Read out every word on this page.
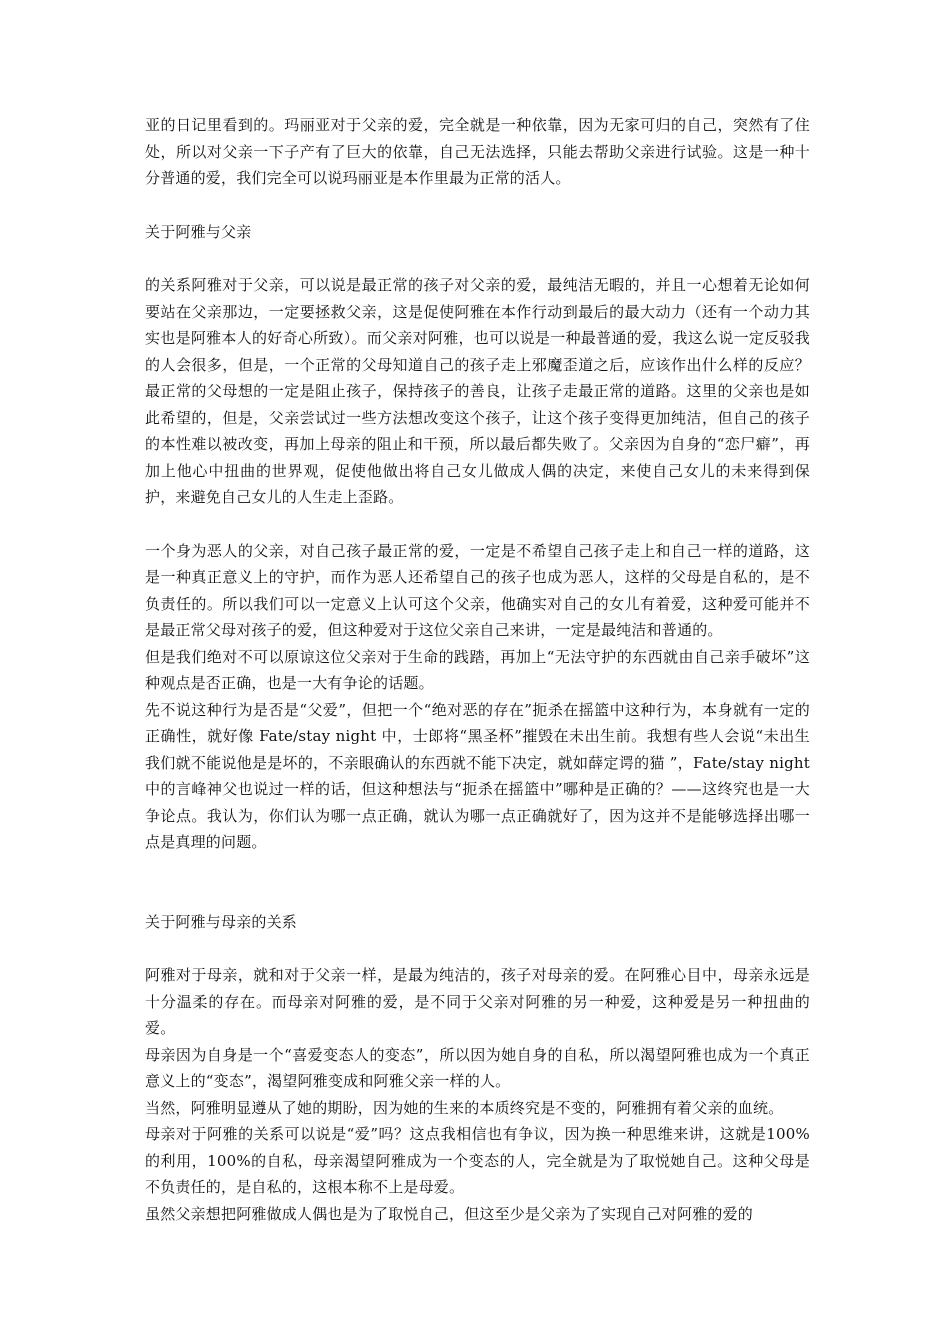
亚的日记里看到的。玛丽亚对于父亲的爱，完全就是一种依靠，因为无家可归的自己，突然有了住处，所以对父亲一下子产有了巨大的依靠，自己无法选择，只能去帮助父亲进行试验。这是一种十分普通的爱，我们完全可以说玛丽亚是本作里最为正常的活人。

关于阿雅与父亲

的关系阿雅对于父亲，可以说是最正常的孩子对父亲的爱，最纯洁无暇的，并且一心想着无论如何要站在父亲那边，一定要拯救父亲，这是促使阿雅在本作行动到最后的最大动力（还有一个动力其实也是阿雅本人的好奇心所致）。而父亲对阿雅，也可以说是一种最普通的爱，我这么说一定反驳我的人会很多，但是，一个正常的父母知道自己的孩子走上邪魔歪道之后，应该作出什么样的反应？最正常的父母想的一定是阻止孩子，保持孩子的善良，让孩子走最正常的道路。这里的父亲也是如此希望的，但是，父亲尝试过一些方法想改变这个孩子，让这个孩子变得更加纯洁，但自己的孩子的本性难以被改变，再加上母亲的阻止和干预，所以最后都失败了。父亲因为自身的“恋尸癖”，再加上他心中扭曲的世界观，促使他做出将自己女儿做成人偶的决定，来使自己女儿的未来得到保护，来避免自己女儿的人生走上歪路。

一个身为恶人的父亲，对自己孩子最正常的爱，一定是不希望自己孩子走上和自己一样的道路，这是一种真正意义上的守护，而作为恶人还希望自己的孩子也成为恶人，这样的父母是自私的，是不负责任的。所以我们可以一定意义上认可这个父亲，他确实对自己的女儿有着爱，这种爱可能并不是最正常父母对孩子的爱，但这种爱对于这位父亲自己来讲，一定是最纯洁和普通的。

但是我们绝对不可以原谅这位父亲对于生命的践踏，再加上“无法守护的东西就由自己亲手破坏”这种观点是否正确，也是一大有争论的话题。

先不说这种行为是否是“父爱”，但把一个“绝对恶的存在”扼杀在摇篮中这种行为，本身就有一定的正确性，就好像 Fate/stay night 中，士郎将“黑圣杯”摧毁在未出生前。我想有些人会说“未出生我们就不能说他是是坏的，不亲眼确认的东西就不能下决定，就如薛定谔的猫 ”，Fate/stay night 中的言峰神父也说过一样的话，但这种想法与“扼杀在摇篮中”哪种是正确的？——这终究也是一大争论点。我认为，你们认为哪一点正确，就认为哪一点正确就好了，因为这并不是能够选择出哪一点是真理的问题。

关于阿雅与母亲的关系

阿雅对于母亲，就和对于父亲一样，是最为纯洁的，孩子对母亲的爱。在阿雅心目中，母亲永远是十分温柔的存在。而母亲对阿雅的爱，是不同于父亲对阿雅的另一种爱，这种爱是另一种扭曲的爱。

母亲因为自身是一个“喜爱变态人的变态”，所以因为她自身的自私，所以渴望阿雅也成为一个真正意义上的“变态”，渴望阿雅变成和阿雅父亲一样的人。

当然，阿雅明显遵从了她的期盼，因为她的生来的本质终究是不变的，阿雅拥有着父亲的血统。

母亲对于阿雅的关系可以说是“爱”吗？这点我相信也有争议，因为换一种思维来讲，这就是100%的利用，100%的自私，母亲渴望阿雅成为一个变态的人，完全就是为了取悦她自己。这种父母是不负责任的，是自私的，这根本称不上是母爱。

虽然父亲想把阿雅做成人偶也是为了取悦自己，但这至少是父亲为了实现自己对阿雅的爱的
